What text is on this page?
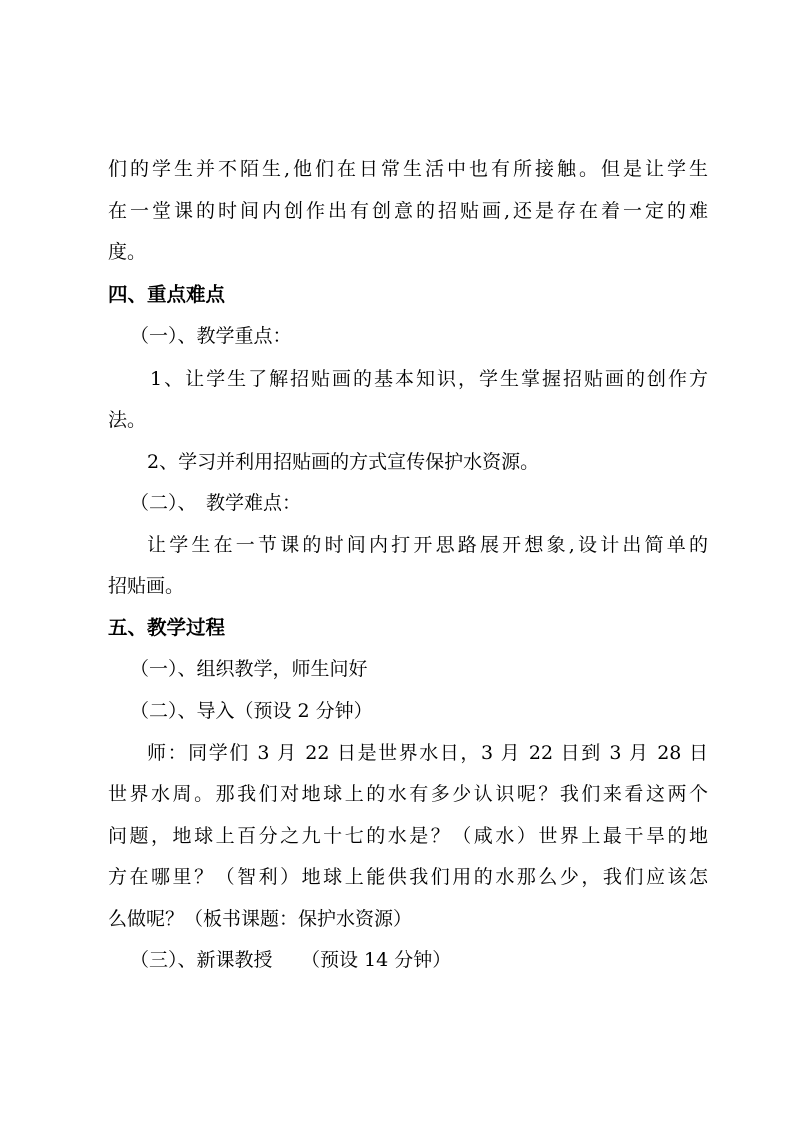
们的学生并不陌生,他们在日常生活中也有所接触。但是让学生
在一堂课的时间内创作出有创意的招贴画,还是存在着一定的难
度。
四、重点难点
（一）、教学重点：
1、让学生了解招贴画的基本知识，学生掌握招贴画的创作方
法。
2、学习并利用招贴画的方式宣传保护水资源。
（二）、　教学难点：
让学生在一节课的时间内打开思路展开想象,设计出简单的
招贴画。
五、教学过程
（一）、组织教学，师生问好
（二）、导入（预设 2 分钟）
师：同学们 3 月 22 日是世界水日，3 月 22 日到 3 月 28 日
世界水周。那我们对地球上的水有多少认识呢？我们来看这两个
问题，地球上百分之九十七的水是？（咸水）世界上最干旱的地
方在哪里？（智利）地球上能供我们用的水那么少，我们应该怎
么做呢？（板书课题：保护水资源）
（三）、新课教授　　（预设 14 分钟）
